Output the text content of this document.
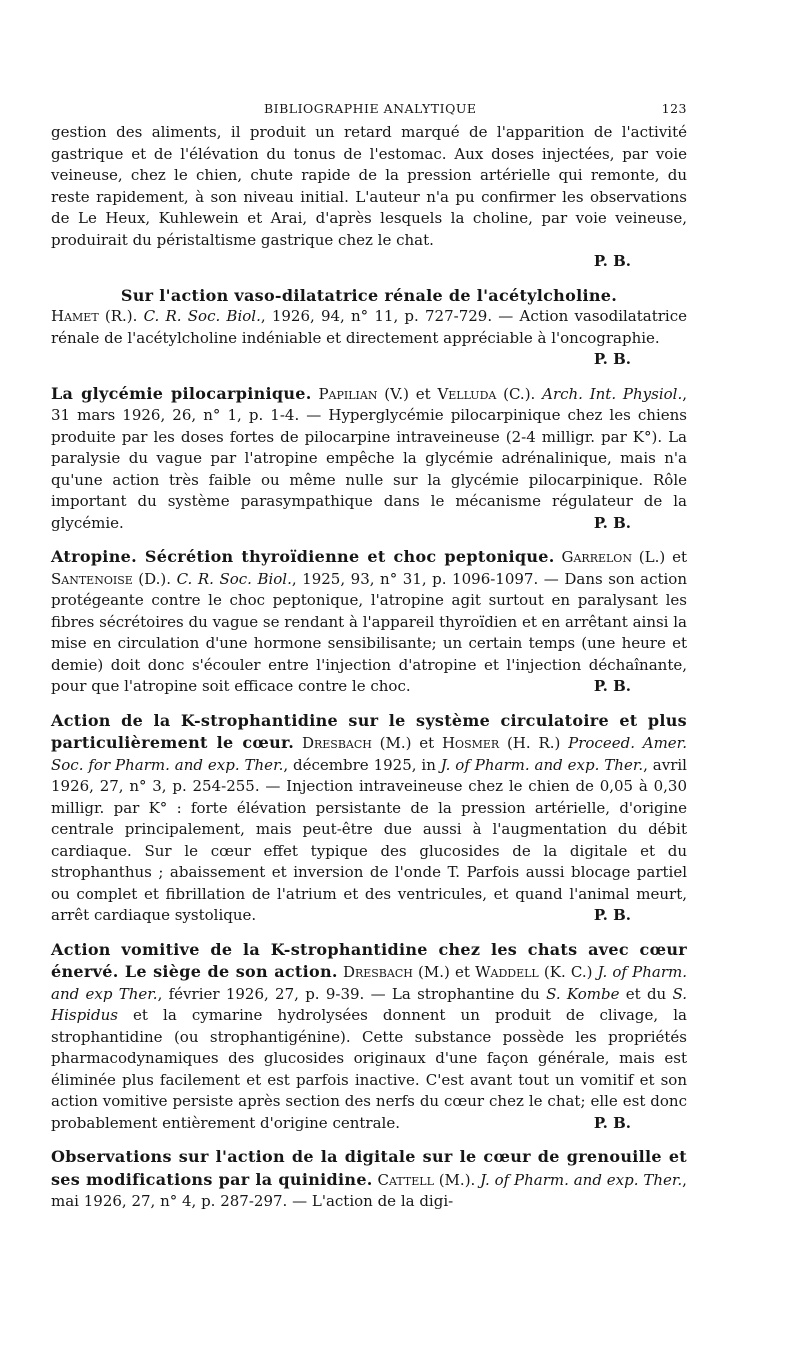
BIBLIOGRAPHIE ANALYTIQUE	123

gestion des aliments, il produit un retard marqué de l'apparition de l'activité gastrique et de l'élévation du tonus de l'estomac. Aux doses injectées, par voie veineuse, chez le chien, chute rapide de la pression artérielle qui remonte, du reste rapidement, à son niveau initial. L'auteur n'a pu confirmer les observations de Le Heux, Kuhlewein et Arai, d'après lesquels la choline, par voie veineuse, produirait du péristaltisme gastrique chez le chat.

P. B.

Sur l'action vaso-dilatatrice rénale de l'acétylcholine.

Hamet (R.). C. R. Soc. Biol., 1926, 94, n° 11, p. 727-729. — Action vasodilatatrice rénale de l'acétylcholine indéniable et directement appréciable à l'oncographie.
P. B.

La glycémie pilocarpinique. Papilian (V.) et Velluda (C.). Arch. Int. Physiol., 31 mars 1926, 26, n° 1, p. 1-4. — Hyperglycémie pilocarpinique chez les chiens produite par les doses fortes de pilocarpine intraveineuse (2-4 milligr. par K°). La paralysie du vague par l'atropine empêche la glycémie adrénalinique, mais n'a qu'une action très faible ou même nulle sur la glycémie pilocarpinique. Rôle important du système parasympathique dans le mécanisme régulateur de la glycémie.	P. B.

Atropine. Sécrétion thyroïdienne et choc peptonique. Garrelon (L.) et Santenoise (D.). C. R. Soc. Biol., 1925, 93, n° 31, p. 1096-1097. — Dans son action protégeante contre le choc peptonique, l'atropine agit surtout en paralysant les fibres sécrétoires du vague se rendant à l'appareil thyroïdien et en arrêtant ainsi la mise en circulation d'une hormone sensibilisante; un certain temps (une heure et demie) doit donc s'écouler entre l'injection d'atropine et l'injection déchaînante, pour que l'atropine soit efficace contre le choc.	P. B.

Action de la K-strophantidine sur le système circulatoire et plus particulièrement le cœur. Dresbach (M.) et Hosmer (H. R.) Proceed. Amer. Soc. for Pharm. and exp. Ther., décembre 1925, in J. of Pharm. and exp. Ther., avril 1926, 27, n° 3, p. 254-255. — Injection intraveineuse chez le chien de 0,05 à 0,30 milligr. par K° : forte élévation persistante de la pression artérielle, d'origine centrale principalement, mais peut-être due aussi à l'augmentation du débit cardiaque. Sur le cœur effet typique des glucosides de la digitale et du strophanthus ; abaissement et inversion de l'onde T. Parfois aussi blocage partiel ou complet et fibrillation de l'atrium et des ventricules, et quand l'animal meurt, arrêt cardiaque systolique.	P. B.

Action vomitive de la K-strophantidine chez les chats avec cœur énervé. Le siège de son action. Dresbach (M.) et Waddell (K. C.) J. of Pharm. and exp Ther., février 1926, 27, p. 9-39. — La strophantine du S. Kombe et du S. Hispidus et la cymarine hydrolysées donnent un produit de clivage, la strophantidine (ou strophantigénine). Cette substance possède les propriétés pharmacodynamiques des glucosides originaux d'une façon générale, mais est éliminée plus facilement et est parfois inactive. C'est avant tout un vomitif et son action vomitive persiste après section des nerfs du cœur chez le chat; elle est donc probablement entièrement d'origine centrale.	P. B.

Observations sur l'action de la digitale sur le cœur de grenouille et ses modifications par la quinidine. Cattell (M.). J. of Pharm. and exp. Ther., mai 1926, 27, n° 4, p. 287-297. — L'action de la digi-
